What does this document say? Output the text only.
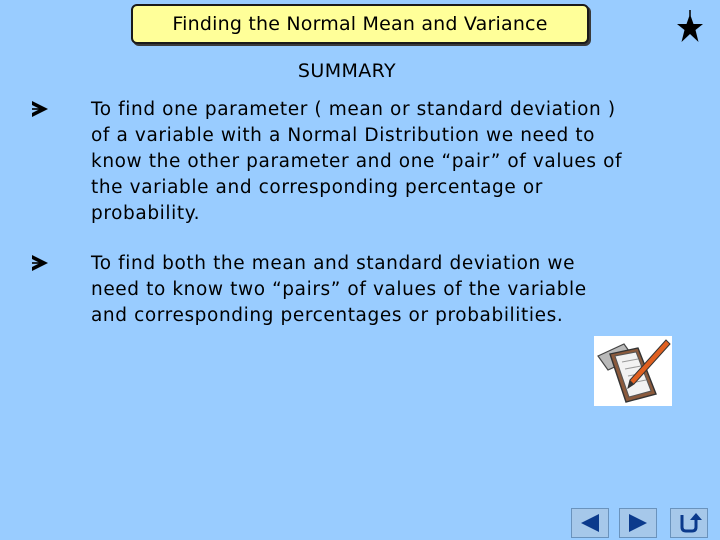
Finding the Normal Mean and Variance
SUMMARY
To find one parameter ( mean or standard deviation )
of a variable with a Normal Distribution we need to
know the other parameter and one “pair” of values of
the variable and corresponding percentage or
probability.
To find both the mean and standard deviation we
need to know two “pairs” of values of the variable
and corresponding percentages or probabilities.
